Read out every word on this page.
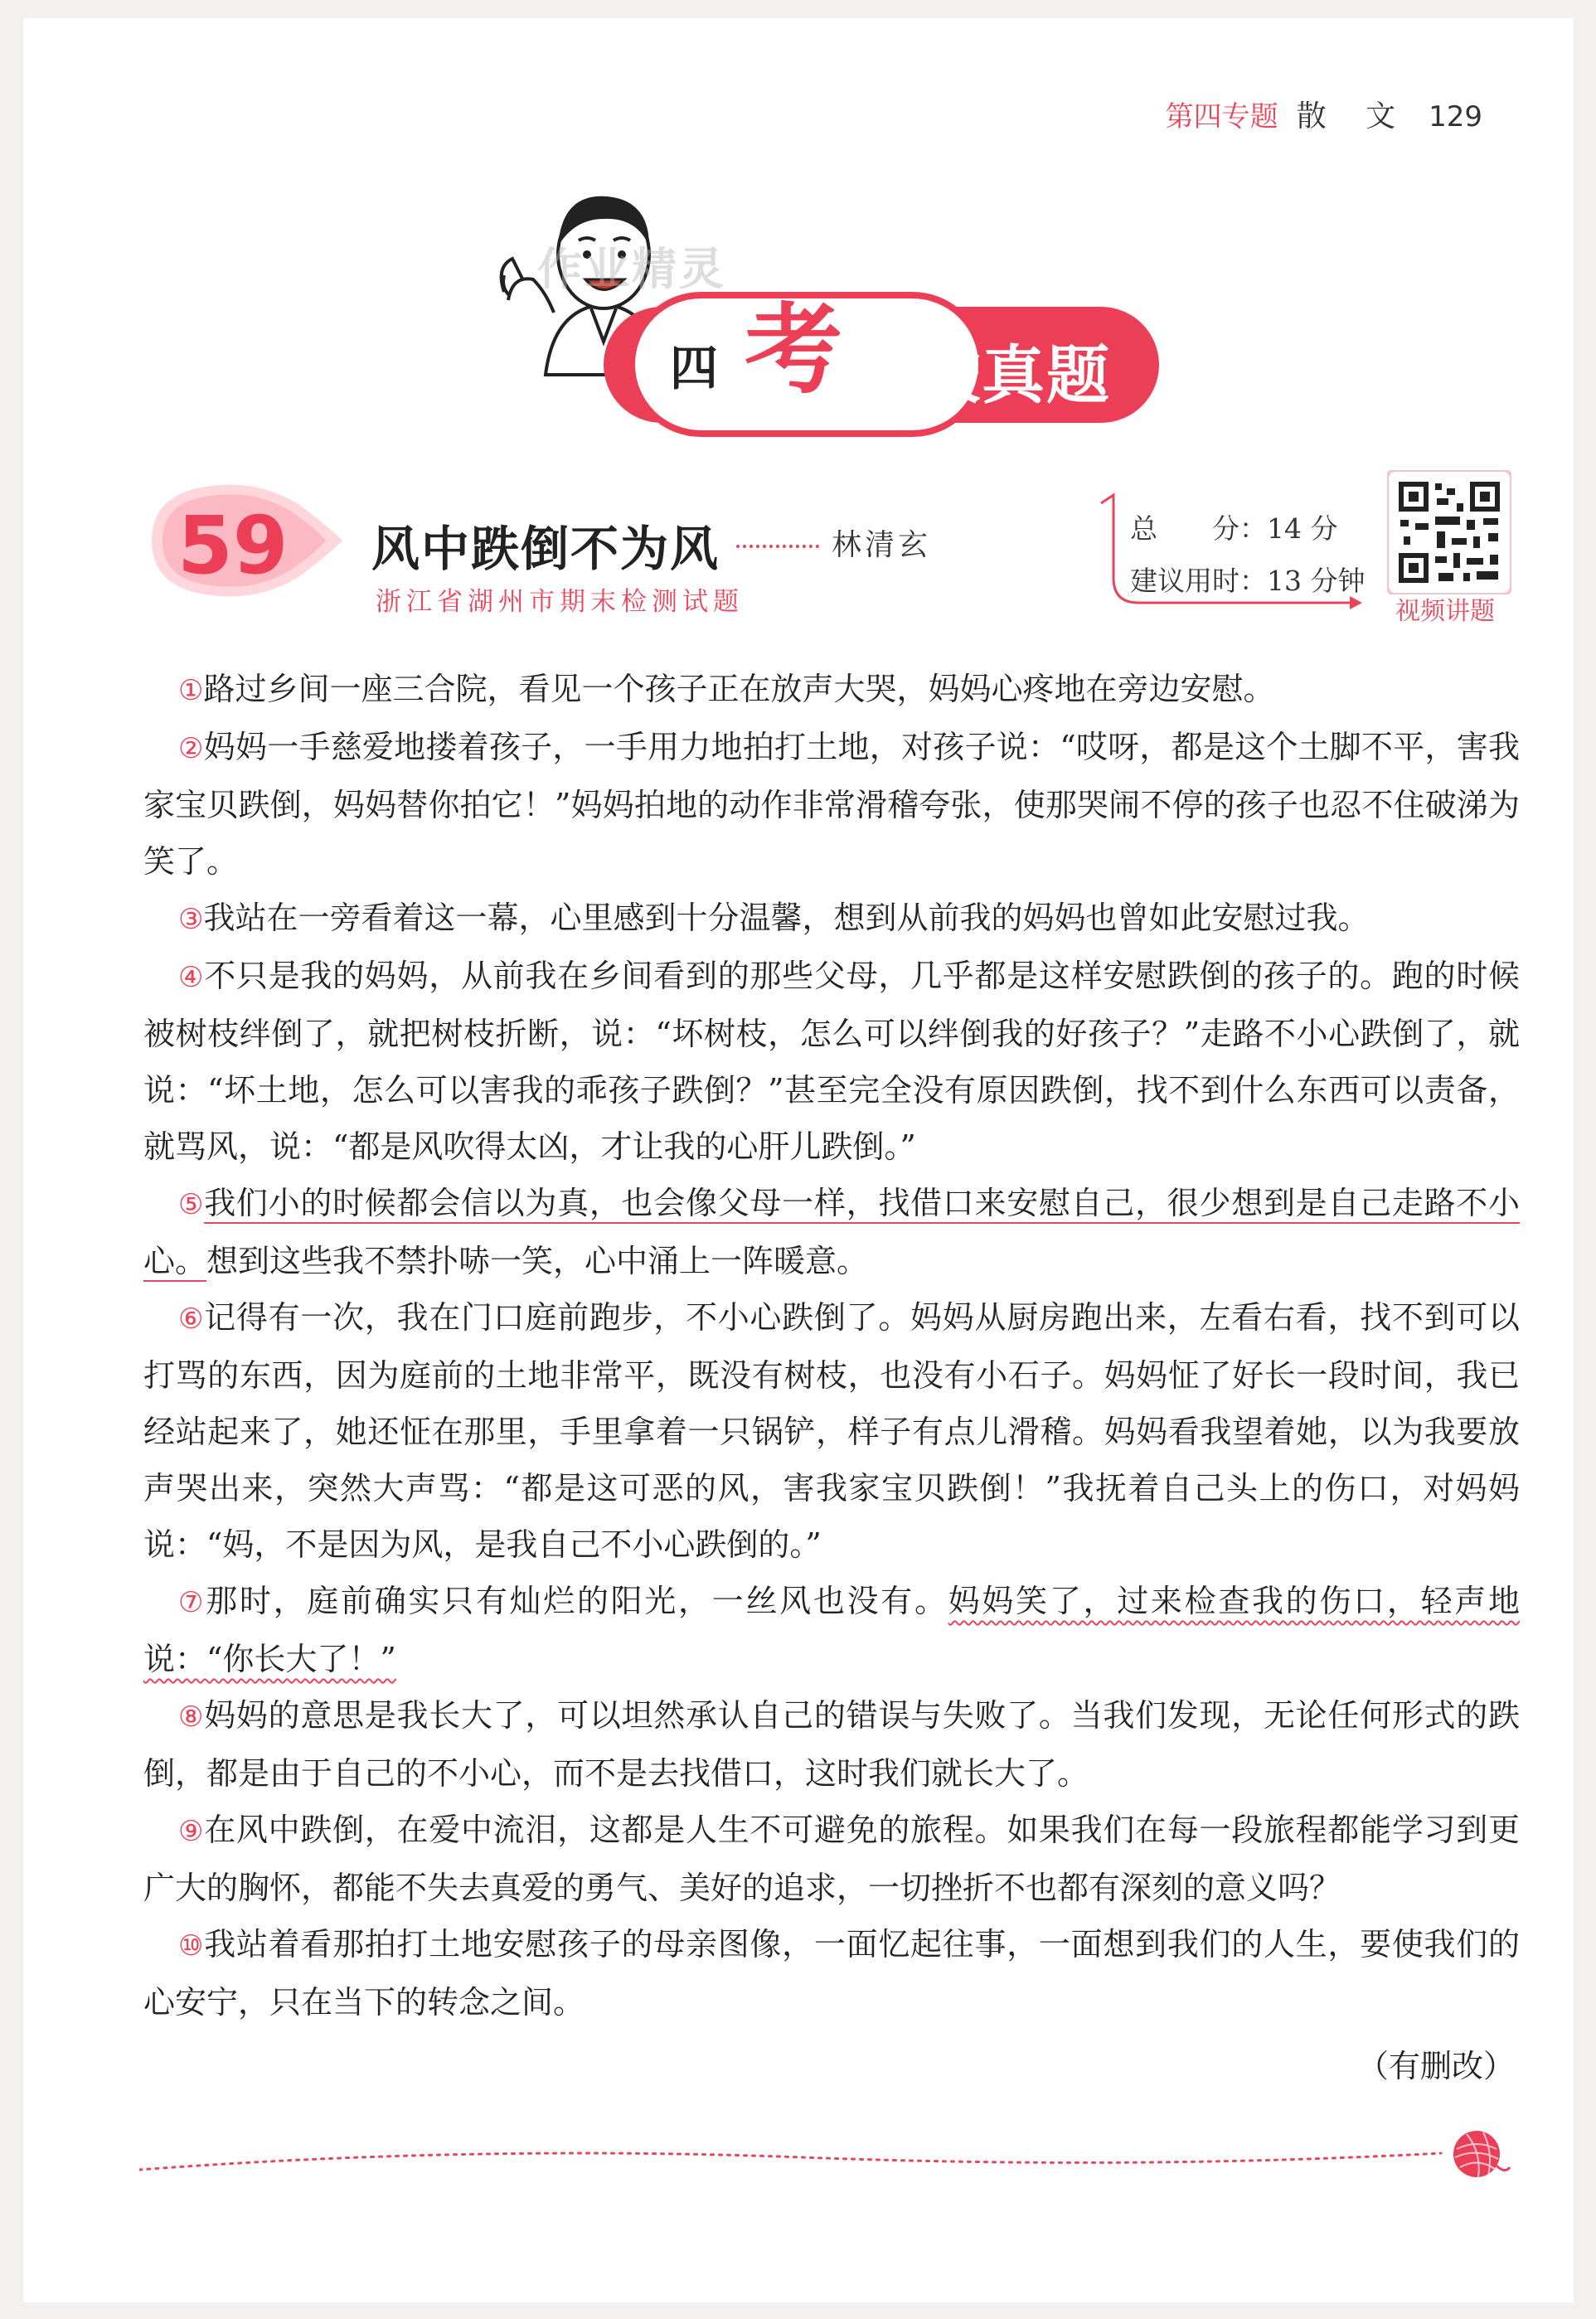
第四专题 散 文 129
作业精灵
四 考 名校真题
59 风中跌倒不为风	林清玄
浙江省湖州市期末检测试题
总　　分：14 分
建议用时：13 分钟
视频讲题

①路过乡间一座三合院，看见一个孩子正在放声大哭，妈妈心疼地在旁边安慰。

②妈妈一手慈爱地搂着孩子，一手用力地拍打土地，对孩子说：“哎呀，都是这个土脚不平，害我家宝贝跌倒，妈妈替你拍它！”妈妈拍地的动作非常滑稽夸张，使那哭闹不停的孩子也忍不住破涕为笑了。

③我站在一旁看着这一幕，心里感到十分温馨，想到从前我的妈妈也曾如此安慰过我。

④不只是我的妈妈，从前我在乡间看到的那些父母，几乎都是这样安慰跌倒的孩子的。跑的时候被树枝绊倒了，就把树枝折断，说：“坏树枝，怎么可以绊倒我的好孩子？”走路不小心跌倒了，就说：“坏土地，怎么可以害我的乖孩子跌倒？”甚至完全没有原因跌倒，找不到什么东西可以责备，就骂风，说：“都是风吹得太凶，才让我的心肝儿跌倒。”

⑤我们小的时候都会信以为真，也会像父母一样，找借口来安慰自己，很少想到是自己走路不小心。想到这些我不禁扑哧一笑，心中涌上一阵暖意。

⑥记得有一次，我在门口庭前跑步，不小心跌倒了。妈妈从厨房跑出来，左看右看，找不到可以打骂的东西，因为庭前的土地非常平，既没有树枝，也没有小石子。妈妈怔了好长一段时间，我已经站起来了，她还怔在那里，手里拿着一只锅铲，样子有点儿滑稽。妈妈看我望着她，以为我要放声哭出来，突然大声骂：“都是这可恶的风，害我家宝贝跌倒！”我抚着自己头上的伤口，对妈妈说：“妈，不是因为风，是我自己不小心跌倒的。”

⑦那时，庭前确实只有灿烂的阳光，一丝风也没有。妈妈笑了，过来检查我的伤口，轻声地说：“你长大了！”

⑧妈妈的意思是我长大了，可以坦然承认自己的错误与失败了。当我们发现，无论任何形式的跌倒，都是由于自己的不小心，而不是去找借口，这时我们就长大了。

⑨在风中跌倒，在爱中流泪，这都是人生不可避免的旅程。如果我们在每一段旅程都能学习到更广大的胸怀，都能不失去真爱的勇气、美好的追求，一切挫折不也都有深刻的意义吗？

⑩我站着看那拍打土地安慰孩子的母亲图像，一面忆起往事，一面想到我们的人生，要使我们的心安宁，只在当下的转念之间。

（有删改）
